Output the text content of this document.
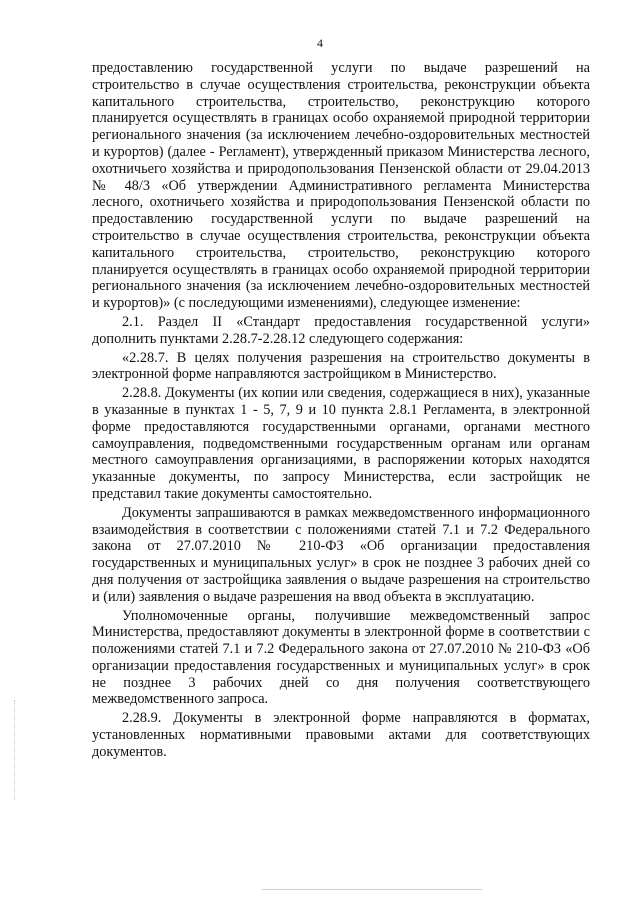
4

предоставлению государственной услуги по выдаче разрешений на строительство в случае осуществления строительства, реконструкции объекта капитального строительства, строительство, реконструкцию которого планируется осуществлять в границах особо охраняемой природной территории регионального значения (за исключением лечебно-оздоровительных местностей и курортов) (далее - Регламент), утвержденный приказом Министерства лесного, охотничьего хозяйства и природопользования Пензенской области от 29.04.2013 № 48/3 «Об утверждении Административного регламента Министерства лесного, охотничьего хозяйства и природопользования Пензенской области по предоставлению государственной услуги по выдаче разрешений на строительство в случае осуществления строительства, реконструкции объекта капитального строительства, строительство, реконструкцию которого планируется осуществлять в границах особо охраняемой природной территории регионального значения (за исключением лечебно-оздоровительных местностей и курортов)» (с последующими изменениями), следующее изменение:

2.1. Раздел II «Стандарт предоставления государственной услуги» дополнить пунктами 2.28.7-2.28.12 следующего содержания:

«2.28.7. В целях получения разрешения на строительство документы в электронной форме направляются застройщиком в Министерство.

2.28.8. Документы (их копии или сведения, содержащиеся в них), указанные в указанные в пунктах 1 - 5, 7, 9 и 10 пункта 2.8.1 Регламента, в электронной форме предоставляются государственными органами, органами местного самоуправления, подведомственными государственным органам или органам местного самоуправления организациями, в распоряжении которых находятся указанные документы, по запросу Министерства, если застройщик не представил такие документы самостоятельно.

Документы запрашиваются в рамках межведомственного информационного взаимодействия в соответствии с положениями статей 7.1 и 7.2 Федерального закона от 27.07.2010 № 210-ФЗ «Об организации предоставления государственных и муниципальных услуг» в срок не позднее 3 рабочих дней со дня получения от застройщика заявления о выдаче разрешения на строительство и (или) заявления о выдаче разрешения на ввод объекта в эксплуатацию.

Уполномоченные органы, получившие межведомственный запрос Министерства, предоставляют документы в электронной форме в соответствии с положениями статей 7.1 и 7.2 Федерального закона от 27.07.2010 № 210-ФЗ «Об организации предоставления государственных и муниципальных услуг» в срок не позднее 3 рабочих дней со дня получения соответствующего межведомственного запроса.

2.28.9. Документы в электронной форме направляются в форматах, установленных нормативными правовыми актами для соответствующих документов.
